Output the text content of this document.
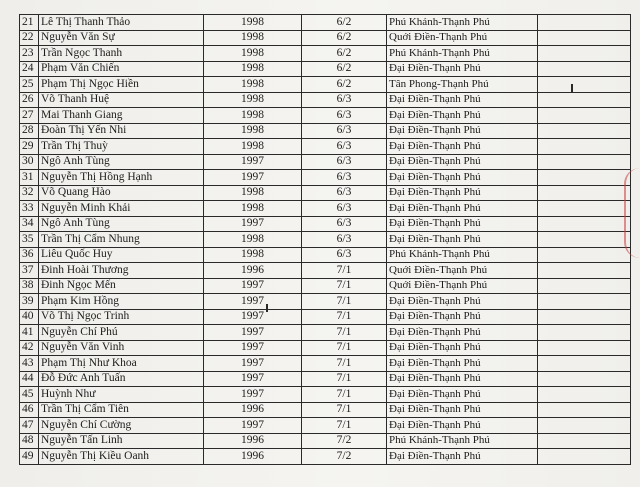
21	Lê Thị Thanh Thảo	1998	6/2	Phú Khánh-Thạnh Phú	
22	Nguyễn Văn Sự	1998	6/2	Quới Điền-Thạnh Phú	
23	Trần Ngọc Thanh	1998	6/2	Phú Khánh-Thạnh Phú	
24	Phạm Văn Chiến	1998	6/2	Đại Điền-Thạnh Phú	
25	Phạm Thị Ngọc Hiền	1998	6/2	Tân Phong-Thạnh Phú	
26	Võ Thanh Huệ	1998	6/3	Đại Điền-Thạnh Phú	
27	Mai Thanh Giang	1998	6/3	Đại Điền-Thạnh Phú	
28	Đoàn Thị Yến Nhi	1998	6/3	Đại Điền-Thạnh Phú	
29	Trần Thị Thuỳ	1998	6/3	Đại Điền-Thạnh Phú	
30	Ngô Anh Tùng	1997	6/3	Đại Điền-Thạnh Phú	
31	Nguyễn Thị Hồng Hạnh	1997	6/3	Đại Điền-Thạnh Phú	
32	Võ Quang Hào	1998	6/3	Đại Điền-Thạnh Phú	
33	Nguyễn Minh Khải	1998	6/3	Đại Điền-Thạnh Phú	
34	Ngô Anh Tùng	1997	6/3	Đại Điền-Thạnh Phú	
35	Trần Thị Cẩm Nhung	1998	6/3	Đại Điền-Thạnh Phú	
36	Liêu Quốc Huy	1998	6/3	Phú Khánh-Thạnh Phú	
37	Đinh Hoài Thương	1996	7/1	Quới Điền-Thạnh Phú	
38	Đinh Ngọc Mến	1997	7/1	Quới Điền-Thạnh Phú	
39	Phạm Kim Hồng	1997	7/1	Đại Điền-Thạnh Phú	
40	Võ Thị Ngọc Trinh	1997	7/1	Đại Điền-Thạnh Phú	
41	Nguyễn Chí Phú	1997	7/1	Đại Điền-Thạnh Phú	
42	Nguyễn Văn Vinh	1997	7/1	Đại Điền-Thạnh Phú	
43	Phạm Thị Như Khoa	1997	7/1	Đại Điền-Thạnh Phú	
44	Đỗ Đức Anh Tuấn	1997	7/1	Đại Điền-Thạnh Phú	
45	Huỳnh Như	1997	7/1	Đại Điền-Thạnh Phú	
46	Trần Thị Cẩm Tiên	1996	7/1	Đại Điền-Thạnh Phú	
47	Nguyễn Chí Cường	1997	7/1	Đại Điền-Thạnh Phú	
48	Nguyễn Tấn Linh	1996	7/2	Phú Khánh-Thạnh Phú	
49	Nguyễn Thị Kiều Oanh	1996	7/2	Đại Điền-Thạnh Phú	
